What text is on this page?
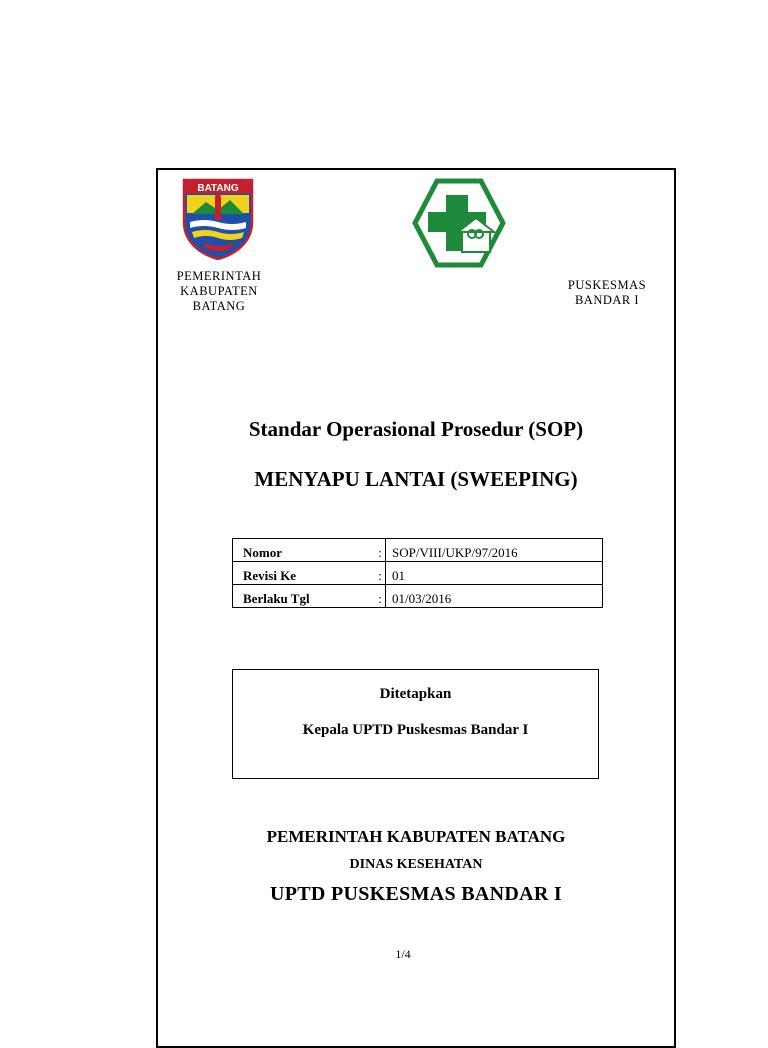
BATANG
PEMERINTAH
KABUPATEN
BATANG
PUSKESMAS
BANDAR I
Standar Operasional Prosedur (SOP)
MENYAPU LANTAI (SWEEPING)
Nomor	:	SOP/VIII/UKP/97/2016
Revisi Ke	:	01
Berlaku Tgl	:	01/03/2016
Ditetapkan
Kepala UPTD Puskesmas Bandar I
PEMERINTAH KABUPATEN BATANG
DINAS KESEHATAN
UPTD PUSKESMAS BANDAR I
1/4
